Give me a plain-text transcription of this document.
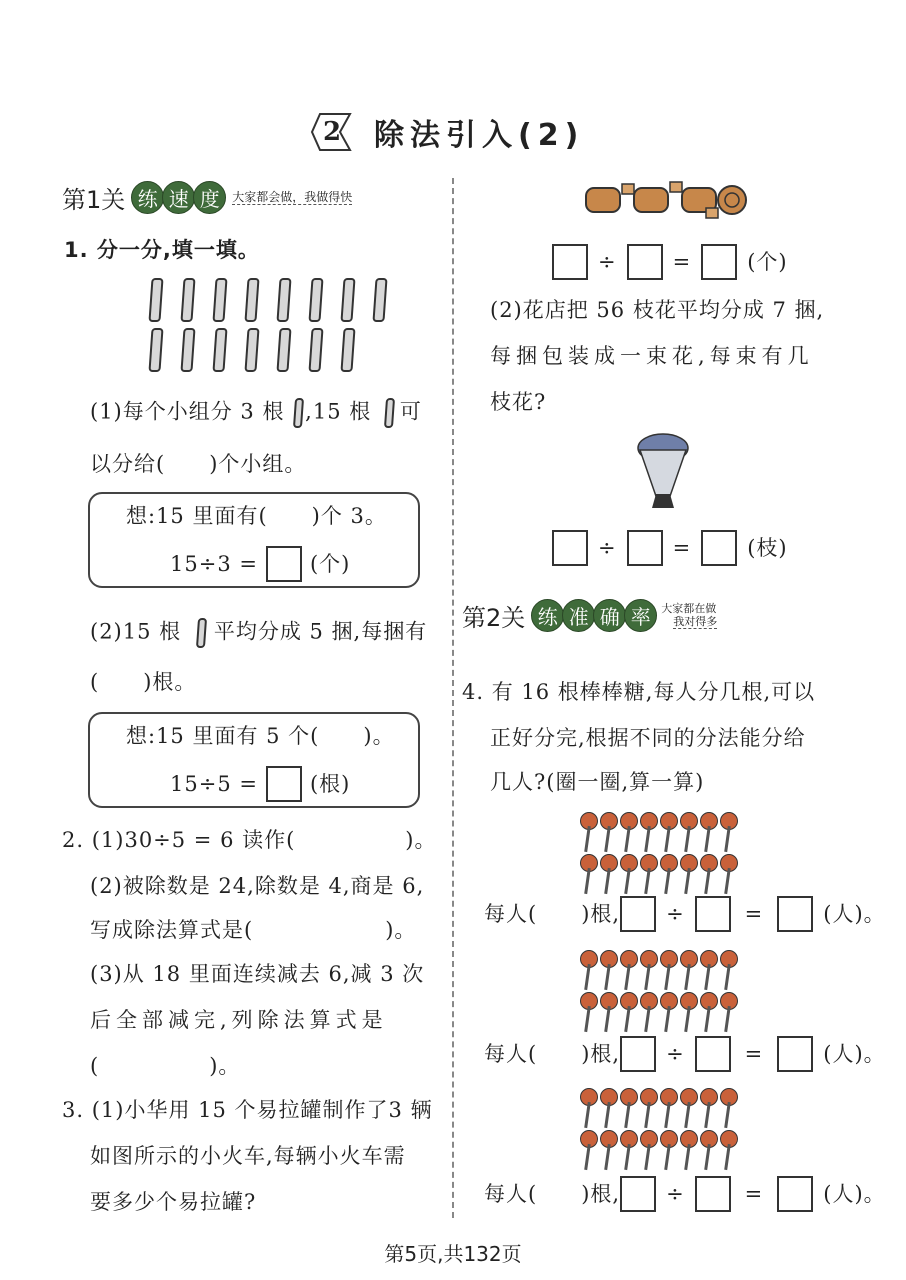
2	除法引入(2)
第1关 练 速 度	大家都会做，我做得快
1. 分一分,填一填。
(1)每个小组分 3 根 ,15 根 可
以分给(　　)个小组。
想:15 里面有(　　)个 3。
15÷3 = (个)
(2)15 根 平均分成 5 捆,每捆有
(　　)根。
想:15 里面有 5 个(　　)。
15÷5 = (根)
2. (1)30÷5 = 6 读作(　　　　　)。
(2)被除数是 24,除数是 4,商是 6,
写成除法算式是(　　　　　　)。
(3)从 18 里面连续减去 6,减 3 次
后全部减完,列除法算式是
(　　　　　)。
3. (1)小华用 15 个易拉罐制作了3 辆
如图所示的小火车,每辆小火车需
要多少个易拉罐?
÷	=	(个)
(2)花店把 56 枝花平均分成 7 捆,
每捆包装成一束花,每束有几
枝花?
÷	=	(枝)
第2关 练 准 确 率 大家都在做
我对得多
4. 有 16 根棒棒糖,每人分几根,可以
正好分完,根据不同的分法能分给
几人?(圈一圈,算一算)
每人(　　)根, ÷	=	(人)。
每人(　　)根, ÷	=	(人)。
每人(　　)根, ÷	=	(人)。
第5页,共132页
